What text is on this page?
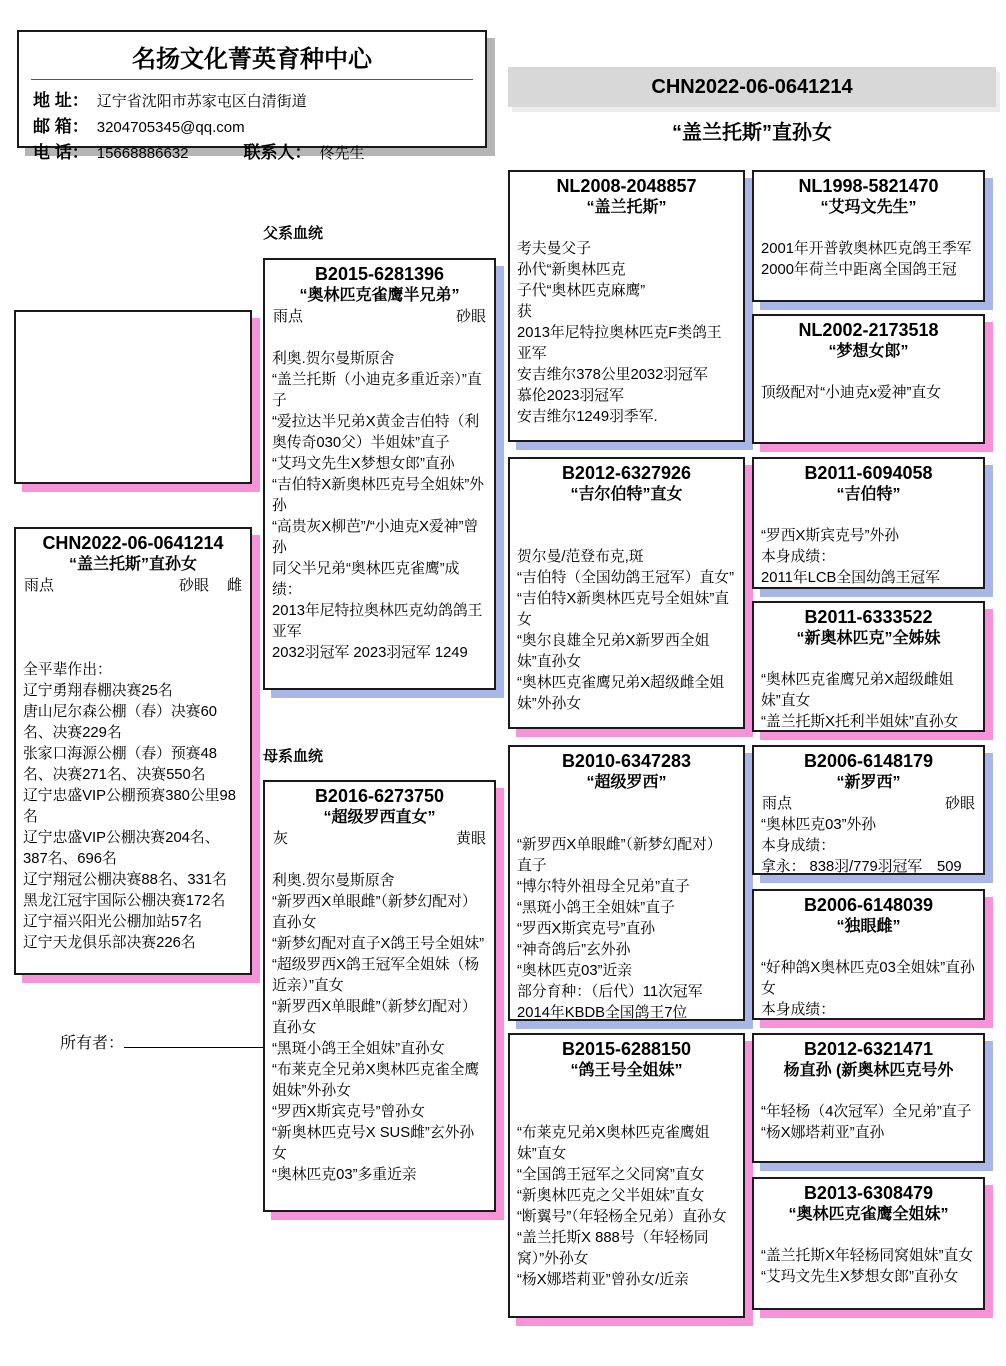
名扬文化菁英育种中心
地 址： 辽宁省沈阳市苏家屯区白清街道
邮 箱： 3204705345@qq.com
电 话： 15668886632	联系人： 佟先生
CHN2022-06-0641214
“盖兰托斯”直孙女
父系血统
母系血统
CHN2022-06-0641214
“盖兰托斯”直孙女
雨点	砂眼 雌

全平辈作出：
辽宁勇翔春棚决赛25名
唐山尼尔森公棚（春）决赛60名、决赛229名
张家口海源公棚（春）预赛48名、决赛271名、决赛550名
辽宁忠盛VIP公棚预赛380公里98名
辽宁忠盛VIP公棚决赛204名、387名、696名
辽宁翔冠公棚决赛88名、331名
黑龙江冠宇国际公棚决赛172名
辽宁福兴阳光公棚加站57名
辽宁天龙俱乐部决赛226名
所有者：
B2015-6281396
“奥林匹克雀鹰半兄弟”
雨点	砂眼

利奥.贺尔曼斯原舍
“盖兰托斯（小迪克多重近亲）”直子
“爱拉达半兄弟X黄金吉伯特（利奥传奇030父）半姐妹”直子
“艾玛文先生X梦想女郎”直孙
“吉伯特X新奥林匹克号全姐妹”外孙
“高贵灰X柳芭”/“小迪克X爱神”曾孙
同父半兄弟“奥林匹克雀鹰”成绩：
2013年尼特拉奥林匹克幼鸽鸽王亚军
2032羽冠军 2023羽冠军 1249
B2016-6273750
“超级罗西直女”
灰	黄眼

利奥.贺尔曼斯原舍
“新罗西X单眼雌”（新梦幻配对）直孙女
“新梦幻配对直子X鸽王号全姐妹”
“超级罗西X鸽王冠军全姐妹（杨近亲）”直女
“新罗西X单眼雌”（新梦幻配对）直孙女
“黑斑小鸽王全姐妹”直孙女
“布莱克全兄弟X奥林匹克雀全鹰姐妹”外孙女
“罗西X斯宾克号”曾孙女
“新奥林匹克号X SUS雌”玄外孙女
“奥林匹克03”多重近亲
NL2008-2048857
“盖兰托斯”

考夫曼父子
孙代“新奥林匹克
子代“奥林匹克麻鹰”
获
2013年尼特拉奥林匹克F类鸽王亚军
安吉维尔378公里2032羽冠军
慕伦2023羽冠军
安吉维尔1249羽季军.
B2012-6327926
“吉尔伯特”直女

贺尔曼/范登布克,斑
“吉伯特（全国幼鸽王冠军）直女”
“吉伯特X新奥林匹克号全姐妹”直女
“奥尔良雄全兄弟X新罗西全姐妹”直孙女
“奥林匹克雀鹰兄弟X超级雌全姐妹”外孙女
B2010-6347283
“超级罗西”

“新罗西X单眼雌”（新梦幻配对）直子
“博尔特外祖母全兄弟”直子
“黑斑小鸽王全姐妹”直子
“罗西X斯宾克号”直孙
“神奇鸽后”玄外孙
“奥林匹克03”近亲
部分育种：（后代）11次冠军
2014年KBDB全国鸽王7位
B2015-6288150
“鸽王号全姐妹”

“布莱克兄弟X奥林匹克雀鹰姐妹”直女
“全国鸽王冠军之父同窝”直女
“新奥林匹克之父半姐妹”直女
“断翼号”（年轻杨全兄弟）直孙女
“盖兰托斯X 888号（年轻杨同窝）”外孙女
“杨X娜塔莉亚”曾孙女/近亲
NL1998-5821470
“艾玛文先生”

2001年开普敦奥林匹克鸽王季军
2000年荷兰中距离全国鸽王冠
NL2002-2173518
“梦想女郎”

顶级配对“小迪克x爱神”直女
B2011-6094058
“吉伯特”

“罗西X斯宾克号”外孙
本身成绩：
2011年LCB全国幼鸽王冠军
B2011-6333522
“新奥林匹克”全姊妹

“奥林匹克雀鹰兄弟X超级雌姐妹”直女
“盖兰托斯X托利半姐妹”直孙女
B2006-6148179
“新罗西”
雨点	砂眼
“奥林匹克03”外孙
本身成绩：
拿永： 838羽/779羽冠军　509
B2006-6148039
“独眼雌”

“好种鸽X奥林匹克03全姐妹”直孙女
本身成绩：
B2012-6321471
杨直孙 (新奥林匹克号外

“年轻杨（4次冠军）全兄弟”直子
“杨X娜塔莉亚”直孙
B2013-6308479
“奥林匹克雀鹰全姐妹”

“盖兰托斯X年轻杨同窝姐妹”直女
“艾玛文先生X梦想女郎”直孙女
